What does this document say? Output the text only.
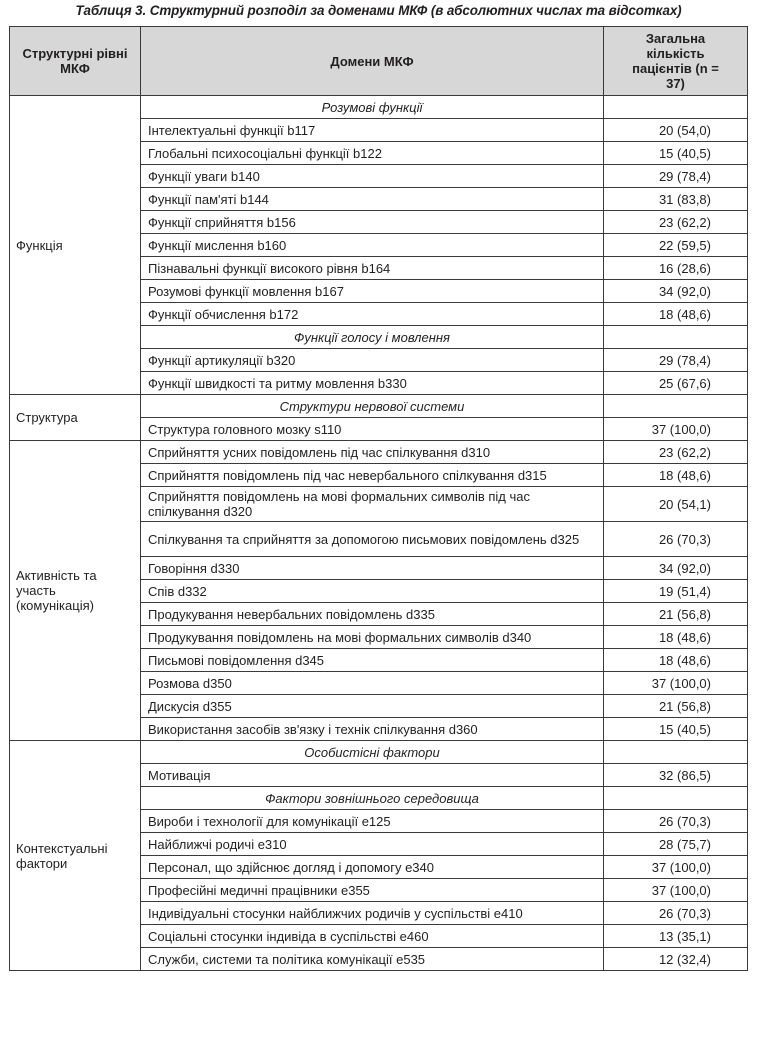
Таблиця 3. Структурний розподіл за доменами МКФ (в абсолютних числах та відсотках)
Структурні рівні МКФ	Домени МКФ	Загальна кількість пацієнтів (n = 37)
Функція	Розумові функції	
	Інтелектуальні функції b117	20 (54,0)
	Глобальні психосоціальні функції b122	15 (40,5)
	Функції уваги b140	29 (78,4)
	Функції пам'яті b144	31 (83,8)
	Функції сприйняття b156	23 (62,2)
	Функції мислення b160	22 (59,5)
	Пізнавальні функції високого рівня b164	16 (28,6)
	Розумові функції мовлення b167	34 (92,0)
	Функції обчислення b172	18 (48,6)
	Функції голосу і мовлення	
	Функції артикуляції b320	29 (78,4)
	Функції швидкості та ритму мовлення b330	25 (67,6)
Структура	Структури нервової системи	
	Структура головного мозку s110	37 (100,0)
Активність та участь (комунікація)	Сприйняття усних повідомлень під час спілкування d310	23 (62,2)
	Сприйняття повідомлень під час невербального спілкування d315	18 (48,6)
	Сприйняття повідомлень на мові формальних символів під час спілкування d320	20 (54,1)
	Спілкування та сприйняття за допомогою письмових повідомлень d325	26 (70,3)
	Говоріння d330	34 (92,0)
	Спів d332	19 (51,4)
	Продукування невербальних повідомлень d335	21 (56,8)
	Продукування повідомлень на мові формальних символів d340	18 (48,6)
	Письмові повідомлення d345	18 (48,6)
	Розмова d350	37 (100,0)
	Дискусія d355	21 (56,8)
	Використання засобів зв'язку і технік спілкування d360	15 (40,5)
Контекстуальні фактори	Особистісні фактори	
	Мотивація	32 (86,5)
	Фактори зовнішнього середовища	
	Вироби і технології для комунікації e125	26 (70,3)
	Найближчі родичі e310	28 (75,7)
	Персонал, що здійснює догляд і допомогу e340	37 (100,0)
	Професійні медичні працівники e355	37 (100,0)
	Індивідуальні стосунки найближчих родичів у суспільстві e410	26 (70,3)
	Соціальні стосунки індивіда в суспільстві e460	13 (35,1)
	Служби, системи та політика комунікації e535	12 (32,4)
